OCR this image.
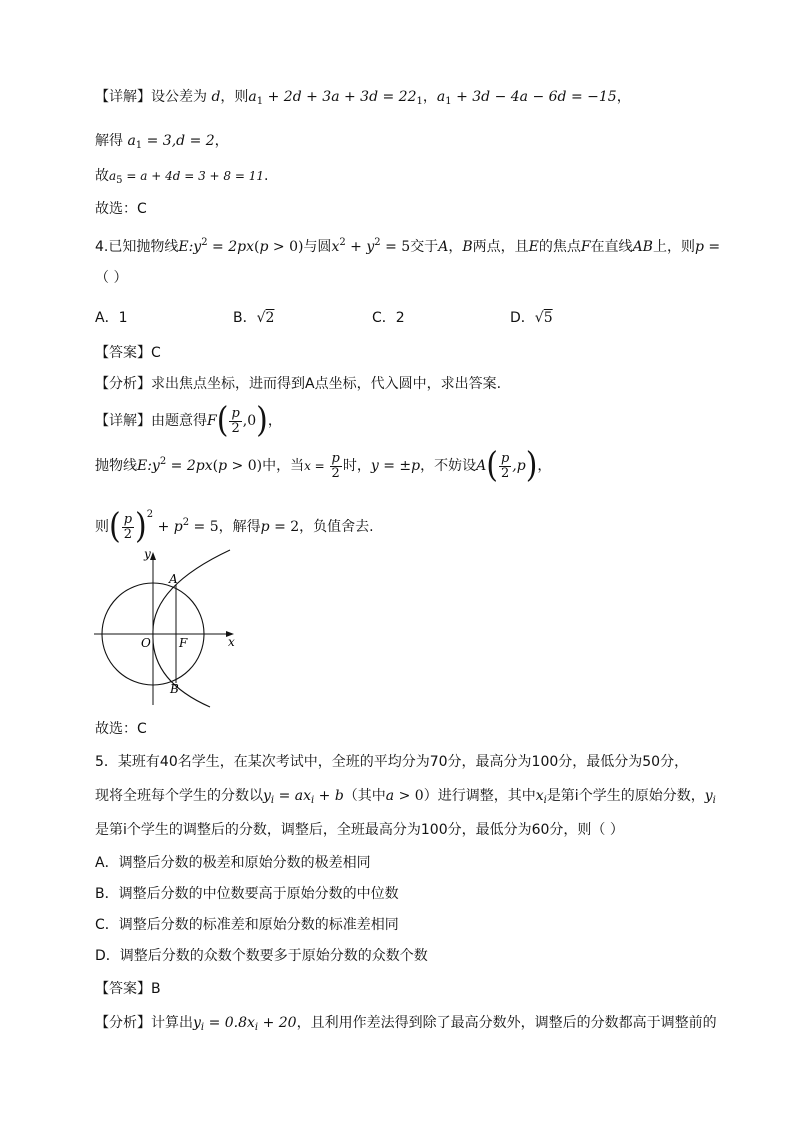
【详解】设公差为 d，则$a_1 + 2d + 3a + 3d = 22_1$，$a_1 + 3d - 4a - 6d = -15$，
解得 $a_1 = 3,d = 2$，
故$a_5 = a + 4d = 3 + 8 = 11$.
故选：C
4.已知抛物线$E:y^2 = 2px(p > 0)$与圆$x^2 + y^2 = 5$交于A，B两点，且E的焦点F在直线AB上，则p =
（ ）
A．1	B．√2	C．2	D．√5
【答案】C
【分析】求出焦点坐标，进而得到A点坐标，代入圆中，求出答案.
【详解】由题意得$F( \frac{p}{2} ,0)$，
抛物线$E:y^2 = 2px(p > 0)$中，当$x = \frac{p}{2}$ 时，y = ±p，不妨设$A( \frac{p}{2} ,p)$，
则( $\frac{p}{2} )^2 + p^2 = 5$，解得p = 2，负值舍去.
y
x
O F
A
B
故选：C
5．某班有40名学生，在某次考试中，全班的平均分为70分，最高分为100分，最低分为50分，
现将全班每个学生的分数以$y_i = ax_i + b$（其中a > 0）进行调整，其中$x_i$是第i个学生的原始分数，$y_i$
是第i个学生的调整后的分数，调整后，全班最高分为100分，最低分为60分，则（ ）
A．调整后分数的极差和原始分数的极差相同
B．调整后分数的中位数要高于原始分数的中位数
C．调整后分数的标准差和原始分数的标准差相同
D．调整后分数的众数个数要多于原始分数的众数个数
【答案】B
【分析】计算出$y_i = 0.8x_i + 20$，且利用作差法得到除了最高分数外，调整后的分数都高于调整前的
